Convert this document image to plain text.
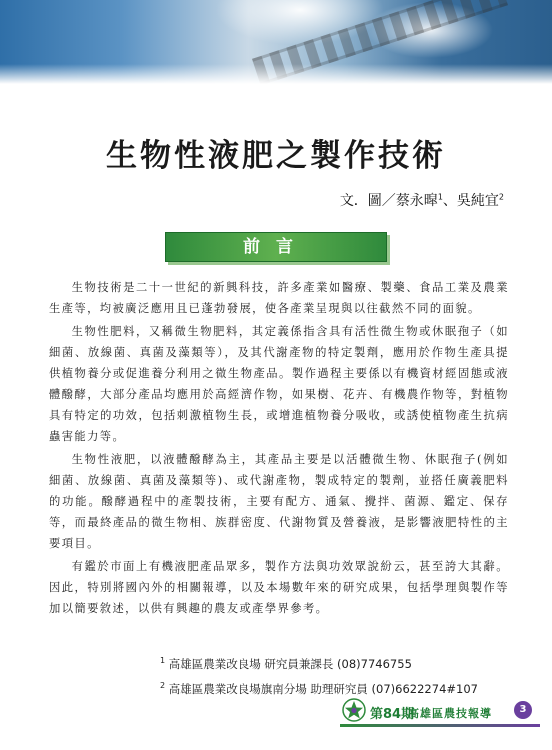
生物性液肥之製作技術
文．圖／蔡永暭$^1$、吳純宜$^2$
前言

生物技術是二十一世紀的新興科技，許多產業如醫療、製藥、食品工業及農業生產等，均被廣泛應用且已蓬勃發展，使各產業呈現與以往截然不同的面貌。

生物性肥料，又稱微生物肥料，其定義係指含具有活性微生物或休眠孢子（如細菌、放線菌、真菌及藻類等），及其代謝產物的特定製劑，應用於作物生產具提供植物養分或促進養分利用之微生物產品。製作過程主要係以有機資材經固態或液體醱酵，大部分產品均應用於高經濟作物，如果樹、花卉、有機農作物等，對植物具有特定的功效，包括刺激植物生長，或增進植物養分吸收，或誘使植物產生抗病蟲害能力等。

生物性液肥，以液體醱酵為主，其產品主要是以活體微生物、休眠孢子(例如細菌、放線菌、真菌及藻類等)、或代謝產物，製成特定的製劑，並搭任廣義肥料的功能。醱酵過程中的產製技術，主要有配方、通氣、攪拌、菌源、鑑定、保存等，而最終產品的微生物相、族群密度、代謝物質及營養液，是影響液肥特性的主要項目。

有鑑於市面上有機液肥產品眾多，製作方法與功效眾說紛云，甚至誇大其辭。因此，特別將國內外的相關報導，以及本場數年來的研究成果，包括學理與製作等加以簡要敘述，以供有興趣的農友或產學界參考。

$^1$ 高雄區農業改良場 研究員兼課長 (08)7746755
$^2$ 高雄區農業改良場旗南分場 助理研究員 (07)6622274#107
第84期
高雄區農技報導	3
